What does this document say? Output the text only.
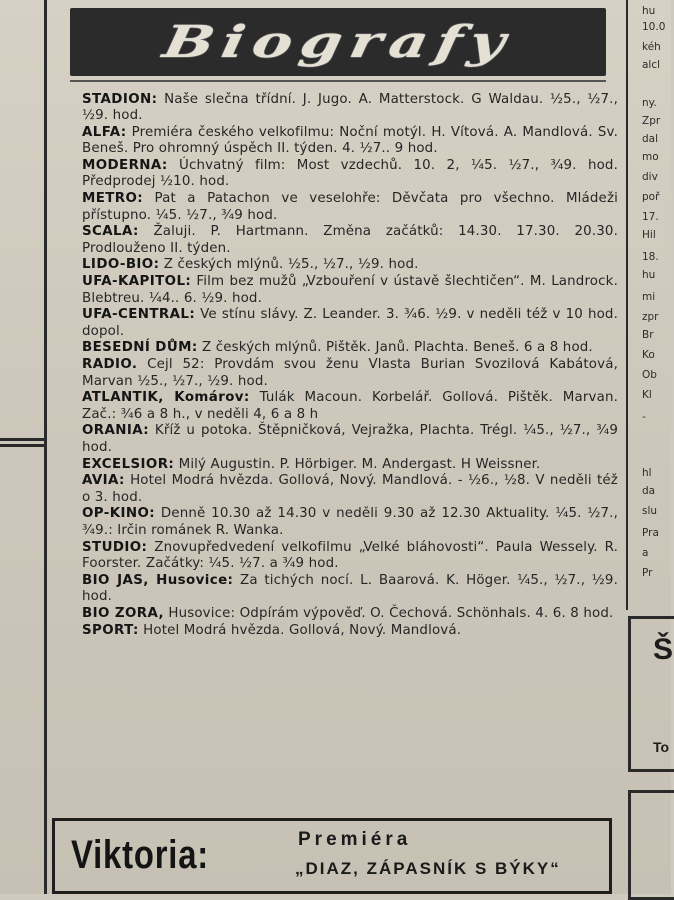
hu
10.0
kéh
alcl
ny.
Zpr
dal
mo
div
poř
17.
Hil
18.
hu
mi
zpr
Br
Ko
Ob
Kl
-
hl
da
slu
Pra
a
Pr
Š
To
Biografy
STADION: Naše slečna třídní. J. Jugo. A. Matterstock. G Waldau. ½5., ½7., ½9. hod.
ALFA: Premiéra českého velkofilmu: Noční motýl. H. Vítová. A. Mandlová. Sv. Beneš. Pro ohromný úspěch II. týden. 4. ½7.. 9 hod.
MODERNA: Úchvatný film: Most vzdechů. 10. 2, ¼5. ½7., ¾9. hod. Předprodej ½10. hod.
METRO: Pat a Patachon ve veselohře: Děvčata pro všechno. Mládeži přístupno. ¼5. ½7., ¾9 hod.
SCALA: Žaluji. P. Hartmann. Změna začátků: 14.30. 17.30. 20.30. Prodlouženo II. týden.
LIDO-BIO: Z českých mlýnů. ½5., ½7., ½9. hod.
UFA-KAPITOL: Film bez mužů „Vzbouření v ústavě šlechtičen“. M. Landrock. Blebtreu. ¼4.. 6. ½9. hod.
UFA-CENTRAL: Ve stínu slávy. Z. Leander. 3. ¾6. ½9. v neděli též v 10 hod. dopol.
BESEDNÍ DŮM: Z českých mlýnů. Pištěk. Janů. Plachta. Beneš. 6 a 8 hod.
RADIO. Cejl 52: Provdám svou ženu Vlasta Burian Svozilová Kabátová, Marvan ½5., ½7., ½9. hod.
ATLANTIK, Komárov: Tulák Macoun. Korbelář. Gollová. Pištěk. Marvan. Zač.: ¾6 a 8 h., v neděli 4, 6 a 8 h
ORANIA: Kříž u potoka. Štěpničková, Vejražka, Plachta. Trégl. ¼5., ½7., ¾9 hod.
EXCELSIOR: Milý Augustin. P. Hörbiger. M. Andergast. H Weissner.
AVIA: Hotel Modrá hvězda. Gollová, Nový. Mandlová. - ½6., ½8. V neděli též o 3. hod.
OP-KINO: Denně 10.30 až 14.30 v neděli 9.30 až 12.30 Aktuality. ¼5. ½7., ¾9.: Irčin románek R. Wanka.
STUDIO: Znovupředvedení velkofilmu „Velké bláhovosti“. Paula Wessely. R. Foorster. Začátky: ¼5. ½7. a ¾9 hod.
BIO JAS, Husovice: Za tichých nocí. L. Baarová. K. Höger. ¼5., ½7., ½9. hod.
BIO ZORA, Husovice: Odpírám výpověď. O. Čechová. Schönhals. 4. 6. 8 hod.
SPORT: Hotel Modrá hvězda. Gollová, Nový. Mandlová.
Viktoria:	Premiéra
„DIAZ, ZÁPASNÍK S BÝKY“
